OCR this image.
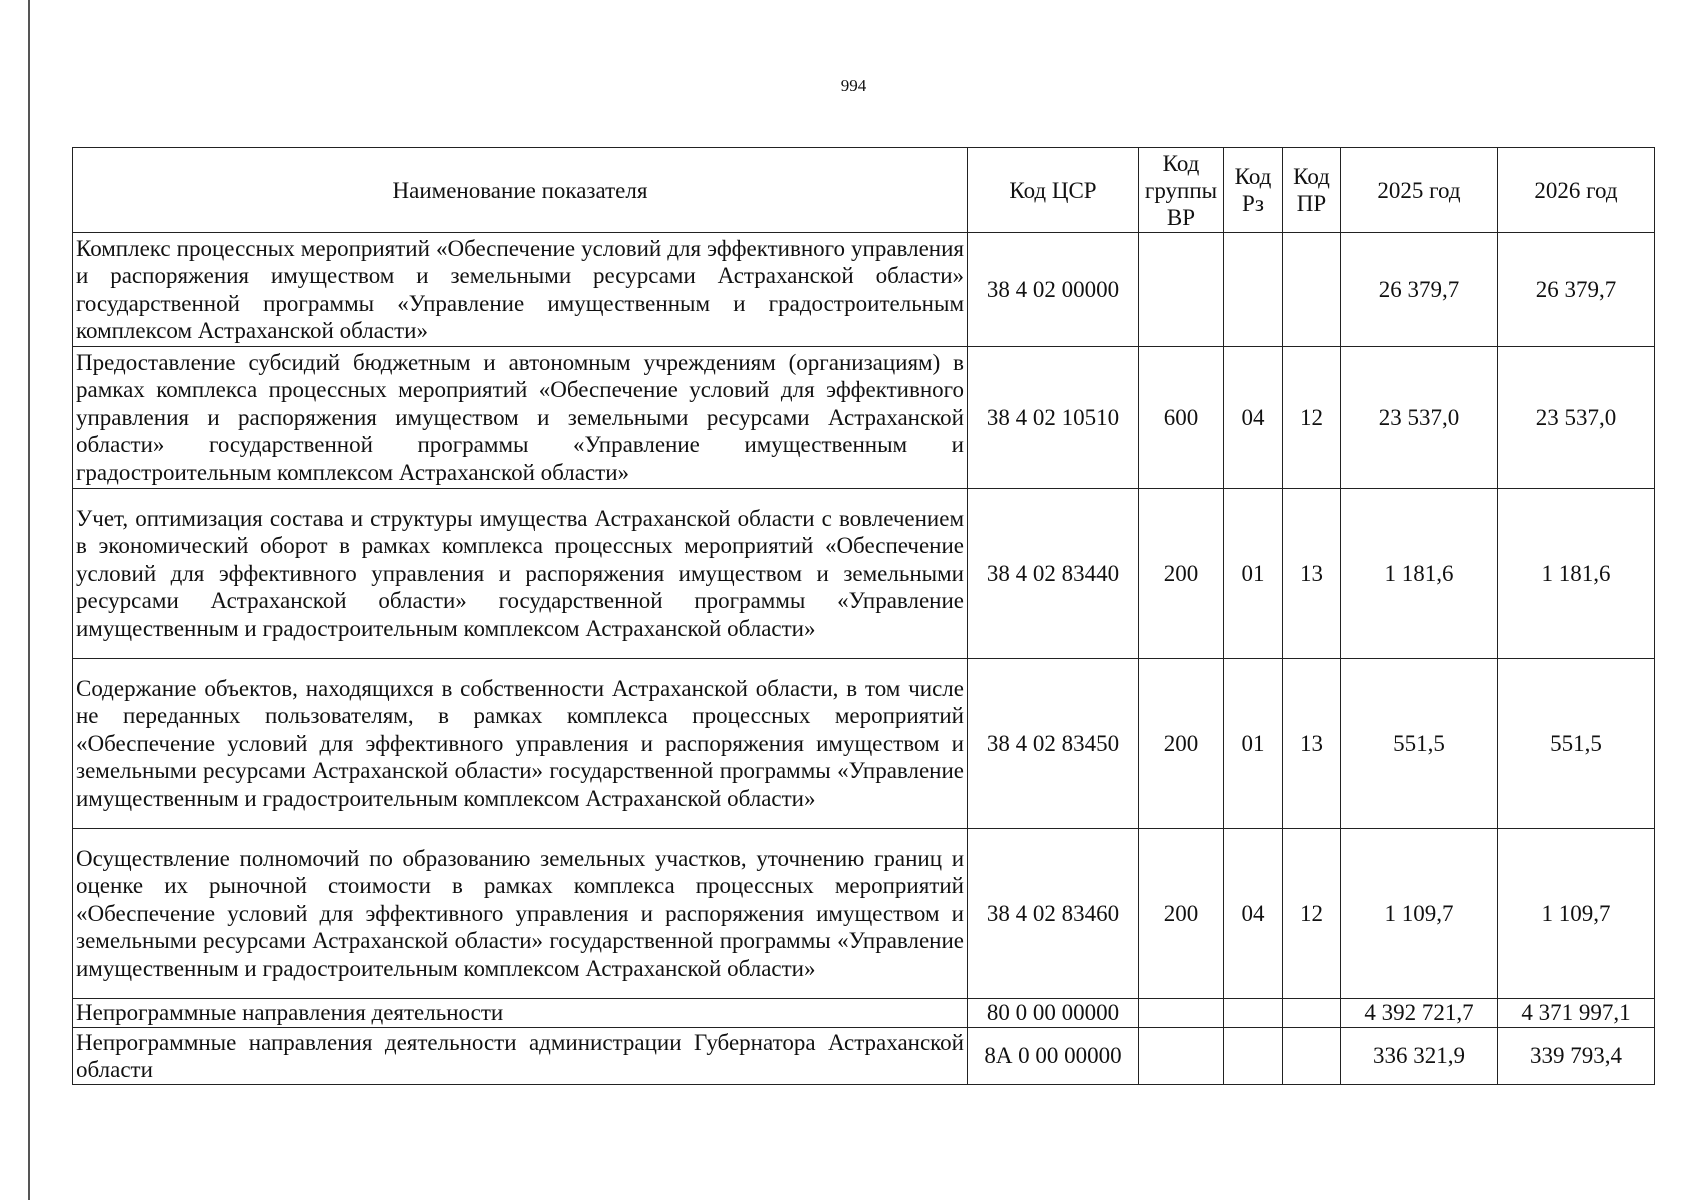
994
Наименование показателя	Код ЦСР	Код группы ВР	Код Рз	Код ПР	2025 год	2026 год
Комплекс процессных мероприятий «Обеспечение условий для эффективного управления и распоряжения имуществом и земельными ресурсами Астраханской области» государственной программы «Управление имущественным и градостроительным комплексом Астраханской области»	38 4 02 00000				26 379,7	26 379,7
Предоставление субсидий бюджетным и автономным учреждениям (организациям) в рамках комплекса процессных мероприятий «Обеспечение условий для эффективного управления и распоряжения имуществом и земельными ресурсами Астраханской области» государственной программы «Управление имущественным и градостроительным комплексом Астраханской области»	38 4 02 10510	600	04	12	23 537,0	23 537,0
Учет, оптимизация состава и структуры имущества Астраханской области с вовлечением в экономический оборот в рамках комплекса процессных мероприятий «Обеспечение условий для эффективного управления и распоряжения имуществом и земельными ресурсами Астраханской области» государственной программы «Управление имущественным и градостроительным комплексом Астраханской области»	38 4 02 83440	200	01	13	1 181,6	1 181,6
Содержание объектов, находящихся в собственности Астраханской области, в том числе не переданных пользователям, в рамках комплекса процессных мероприятий «Обеспечение условий для эффективного управления и распоряжения имуществом и земельными ресурсами Астраханской области» государственной программы «Управление имущественным и градостроительным комплексом Астраханской области»	38 4 02 83450	200	01	13	551,5	551,5
Осуществление полномочий по образованию земельных участков, уточнению границ и оценке их рыночной стоимости в рамках комплекса процессных мероприятий «Обеспечение условий для эффективного управления и распоряжения имуществом и земельными ресурсами Астраханской области» государственной программы «Управление имущественным и градостроительным комплексом Астраханской области»	38 4 02 83460	200	04	12	1 109,7	1 109,7
Непрограммные направления деятельности	80 0 00 00000				4 392 721,7	4 371 997,1
Непрограммные направления деятельности администрации Губернатора Астраханской области	8А 0 00 00000				336 321,9	339 793,4
